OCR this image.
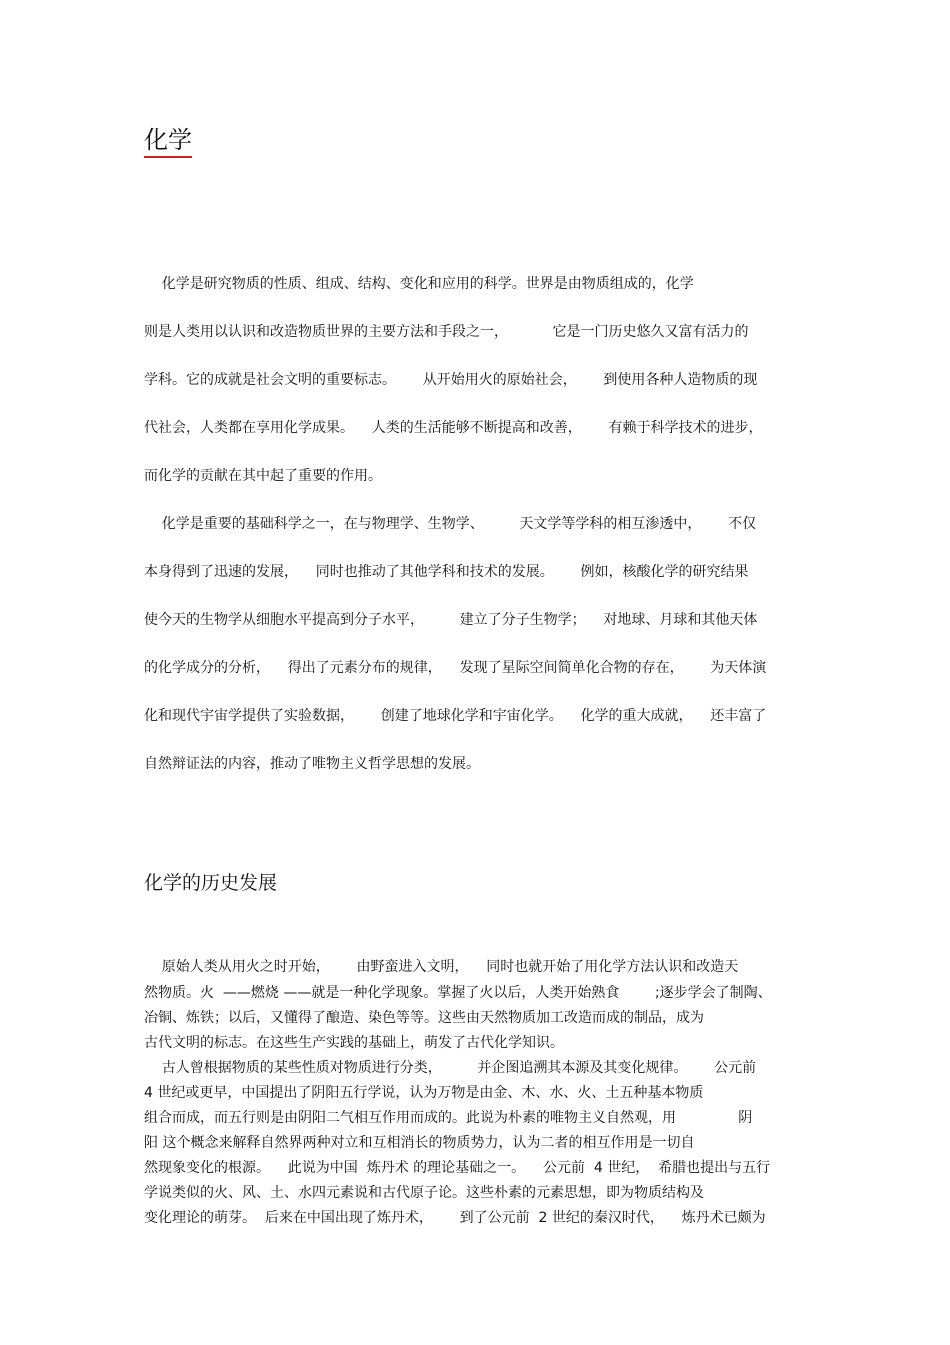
化学

化学是研究物质的性质、组成、结构、变化和应用的科学。世界是由物质组成的，化学

则是人类用以认识和改造物质世界的主要方法和手段之一，          它是一门历史悠久又富有活力的

学科。它的成就是社会文明的重要标志。      从开始用火的原始社会，      到使用各种人造物质的现

代社会，人类都在享用化学成果。    人类的生活能够不断提高和改善，      有赖于科学技术的进步，

而化学的贡献在其中起了重要的作用。

化学是重要的基础科学之一，在与物理学、生物学、        天文学等学科的相互渗透中，      不仅

本身得到了迅速的发展，    同时也推动了其他学科和技术的发展。      例如，核酸化学的研究结果

使今天的生物学从细胞水平提高到分子水平，        建立了分子生物学；    对地球、月球和其他天体

的化学成分的分析，    得出了元素分布的规律，    发现了星际空间简单化合物的存在，      为天体演

化和现代宇宙学提供了实验数据，      创建了地球化学和宇宙化学。    化学的重大成就，    还丰富了

自然辩证法的内容，推动了唯物主义哲学思想的发展。

化学的历史发展

原始人类从用火之时开始，      由野蛮进入文明，    同时也就开始了用化学方法认识和改造天

然物质。火  ——燃烧 ——就是一种化学现象。掌握了火以后，人类开始熟食        ;逐步学会了制陶、

冶铜、炼铁；以后，又懂得了酿造、染色等等。这些由天然物质加工改造而成的制品，成为

古代文明的标志。在这些生产实践的基础上，萌发了古代化学知识。

古人曾根据物质的某些性质对物质进行分类，        并企图追溯其本源及其变化规律。      公元前

4 世纪或更早，中国提出了阴阳五行学说，认为万物是由金、木、水、火、土五种基本物质

组合而成，而五行则是由阴阳二气相互作用而成的。此说为朴素的唯物主义自然观，用              阴

阳 这个概念来解释自然界两种对立和互相消长的物质势力，认为二者的相互作用是一切自

然现象变化的根源。    此说为中国  炼丹术 的理论基础之一。    公元前  4 世纪，  希腊也提出与五行

学说类似的火、风、土、水四元素说和古代原子论。这些朴素的元素思想，即为物质结构及

变化理论的萌芽。  后来在中国出现了炼丹术，      到了公元前  2 世纪的秦汉时代，    炼丹术已颇为
